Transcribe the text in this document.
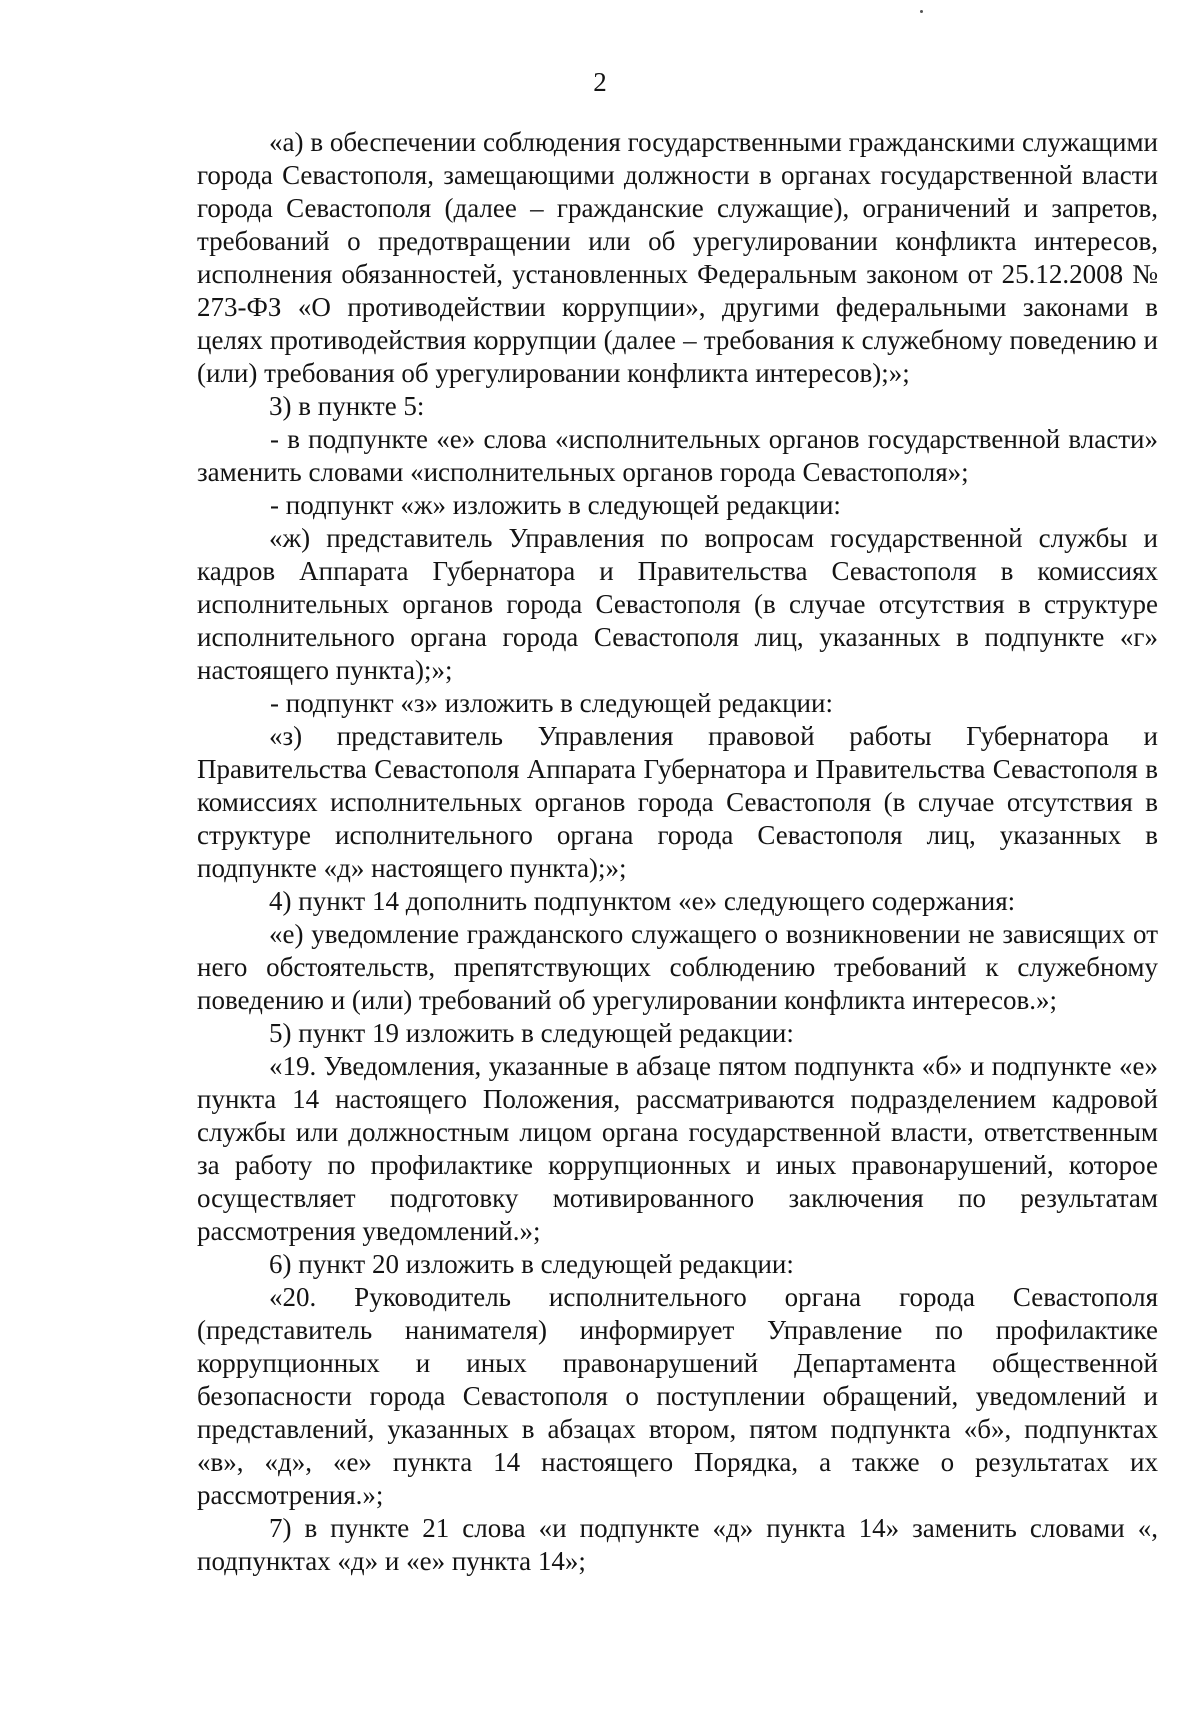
2

«а) в обеспечении соблюдения государственными гражданскими служащими города Севастополя, замещающими должности в органах государственной власти города Севастополя (далее – гражданские служащие), ограничений и запретов, требований о предотвращении или об урегулировании конфликта интересов, исполнения обязанностей, установленных Федеральным законом от 25.12.2008 № 273-ФЗ «О противодействии коррупции», другими федеральными законами в целях противодействия коррупции (далее – требования к служебному поведению и (или) требования об урегулировании конфликта интересов);»;

3) в пункте 5:

- в подпункте «е» слова «исполнительных органов государственной власти» заменить словами «исполнительных органов города Севастополя»;

- подпункт «ж» изложить в следующей редакции:

«ж) представитель Управления по вопросам государственной службы и кадров Аппарата Губернатора и Правительства Севастополя в комиссиях исполнительных органов города Севастополя (в случае отсутствия в структуре исполнительного органа города Севастополя лиц, указанных в подпункте «г» настоящего пункта);»;

- подпункт «з» изложить в следующей редакции:

«з) представитель Управления правовой работы Губернатора и Правительства Севастополя Аппарата Губернатора и Правительства Севастополя в комиссиях исполнительных органов города Севастополя (в случае отсутствия в структуре исполнительного органа города Севастополя лиц, указанных в подпункте «д» настоящего пункта);»;

4) пункт 14 дополнить подпунктом «е» следующего содержания:

«е) уведомление гражданского служащего о возникновении не зависящих от него обстоятельств, препятствующих соблюдению требований к служебному поведению и (или) требований об урегулировании конфликта интересов.»;

5) пункт 19 изложить в следующей редакции:

«19. Уведомления, указанные в абзаце пятом подпункта «б» и подпункте «е» пункта 14 настоящего Положения, рассматриваются подразделением кадровой службы или должностным лицом органа государственной власти, ответственным за работу по профилактике коррупционных и иных правонарушений, которое осуществляет подготовку мотивированного заключения по результатам рассмотрения уведомлений.»;

6) пункт 20 изложить в следующей редакции:

«20. Руководитель исполнительного органа города Севастополя (представитель нанимателя) информирует Управление по профилактике коррупционных и иных правонарушений Департамента общественной безопасности города Севастополя о поступлении обращений, уведомлений и представлений, указанных в абзацах втором, пятом подпункта «б», подпунктах «в», «д», «е» пункта 14 настоящего Порядка, а также о результатах их рассмотрения.»;

7) в пункте 21 слова «и подпункте «д» пункта 14» заменить словами «, подпунктах «д» и «е» пункта 14»;
